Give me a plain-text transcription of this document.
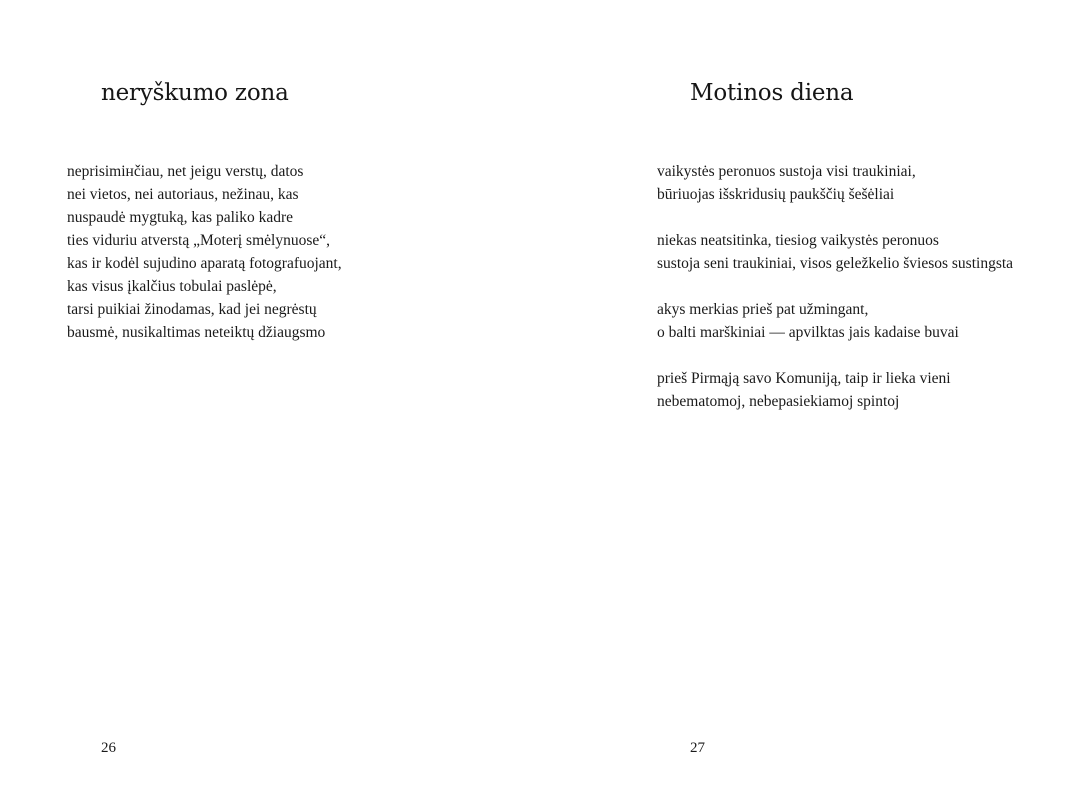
neryškumo zona
neprisimінčiau, net jeigu verstų, datos
nei vietos, nei autoriaus, nežinau, kas
nuspaudė mygtuką, kas paliko kadre
ties viduriu atverstą „Moterį smėlynuose“,
kas ir kodėl sujudino aparatą fotografuojant,
kas visus įkalčius tobulai paslėpė,
tarsi puikiai žinodamas, kad jei negrėstų
bausmė, nusikaltimas neteiktų džiaugsmo
26
Motinos diena
vaikystės peronuos sustoja visi traukiniai,
būriuojas išskridusių paukščių šešėliai
niekas neatsitinka, tiesiog vaikystės peronuos
sustoja seni traukiniai, visos geležkelio šviesos sustingsta
akys merkias prieš pat užmingant,
o balti marškiniai — apvilktas jais kadaise buvai
prieš Pirmąją savo Komuniją, taip ir lieka vieni
nebematomoj, nebepasiekiamoj spintoj
27
